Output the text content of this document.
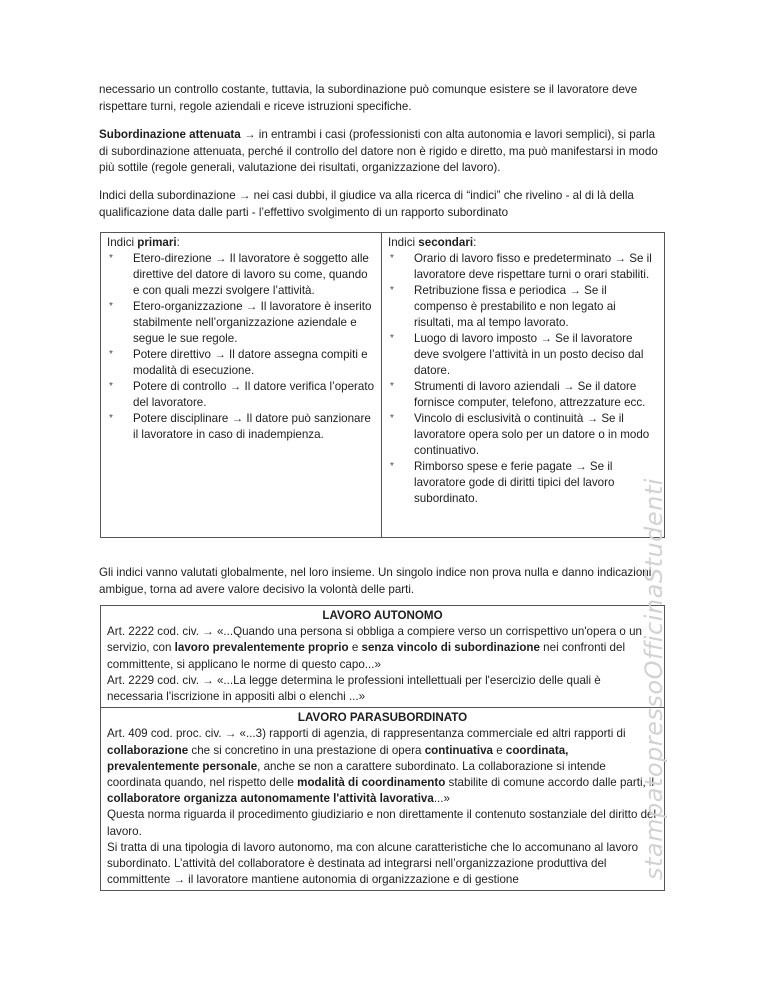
necessario un controllo costante, tuttavia, la subordinazione può comunque esistere se il lavoratore deve rispettare turni, regole aziendali e riceve istruzioni specifiche.

Subordinazione attenuata → in entrambi i casi (professionisti con alta autonomia e lavori semplici), si parla di subordinazione attenuata, perché il controllo del datore non è rigido e diretto, ma può manifestarsi in modo più sottile (regole generali, valutazione dei risultati, organizzazione del lavoro).

Indici della subordinazione → nei casi dubbi, il giudice va alla ricerca di “indici” che rivelino - al di là della qualificazione data dalle parti - l’effettivo svolgimento di un rapporto subordinato

Indici primari:
* Etero-direzione → Il lavoratore è soggetto alle direttive del datore di lavoro su come, quando e con quali mezzi svolgere l’attività.
* Etero-organizzazione → Il lavoratore è inserito stabilmente nell’organizzazione aziendale e segue le sue regole.
* Potere direttivo → Il datore assegna compiti e modalità di esecuzione.
* Potere di controllo → Il datore verifica l’operato del lavoratore.
* Potere disciplinare → Il datore può sanzionare il lavoratore in caso di inadempienza.
Indici secondari:
* Orario di lavoro fisso e predeterminato → Se il lavoratore deve rispettare turni o orari stabiliti.
* Retribuzione fissa e periodica → Se il compenso è prestabilito e non legato ai risultati, ma al tempo lavorato.
* Luogo di lavoro imposto → Se il lavoratore deve svolgere l’attività in un posto deciso dal datore.
* Strumenti di lavoro aziendali → Se il datore fornisce computer, telefono, attrezzature ecc.
* Vincolo di esclusività o continuità → Se il lavoratore opera solo per un datore o in modo continuativo.
* Rimborso spese e ferie pagate → Se il lavoratore gode di diritti tipici del lavoro subordinato.

Gli indici vanno valutati globalmente, nel loro insieme. Un singolo indice non prova nulla e danno indicazioni ambigue, torna ad avere valore decisivo la volontà delle parti.

LAVORO AUTONOMO
Art. 2222 cod. civ. → «...Quando una persona si obbliga a compiere verso un corrispettivo un'opera o un servizio, con lavoro prevalentemente proprio e senza vincolo di subordinazione nei confronti del committente, si applicano le norme di questo capo...»
Art. 2229 cod. civ. → «...La legge determina le professioni intellettuali per l'esercizio delle quali è necessaria l'iscrizione in appositi albi o elenchi ...»
LAVORO PARASUBORDINATO
Art. 409 cod. proc. civ. → «...3) rapporti di agenzia, di rappresentanza commerciale ed altri rapporti di collaborazione che si concretino in una prestazione di opera continuativa e coordinata, prevalentemente personale, anche se non a carattere subordinato. La collaborazione si intende coordinata quando, nel rispetto delle modalità di coordinamento stabilite di comune accordo dalle parti, il collaboratore organizza autonomamente l'attività lavorativa...»
Questa norma riguarda il procedimento giudiziario e non direttamente il contenuto sostanziale del diritto del lavoro.
Si tratta di una tipologia di lavoro autonomo, ma con alcune caratteristiche che lo accomunano al lavoro subordinato. L’attività del collaboratore è destinata ad integrarsi nell’organizzazione produttiva del committente → il lavoratore mantiene autonomia di organizzazione e di gestione	stampatopressoOfficinaStudenti
